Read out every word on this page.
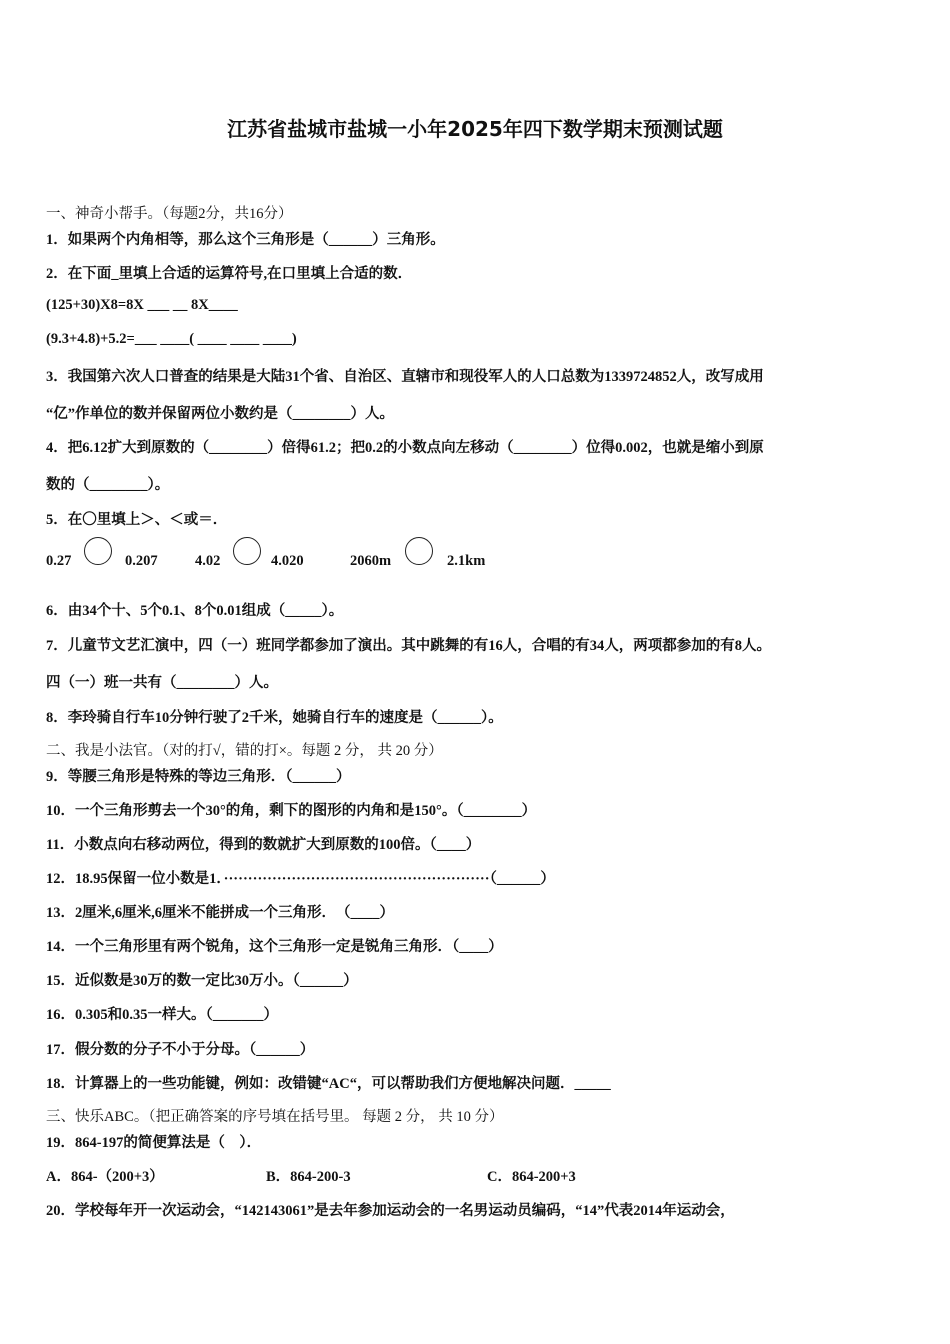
江苏省盐城市盐城一小年2025年四下数学期末预测试题
一、神奇小帮手。（每题2分，共16分）
1．如果两个内角相等，那么这个三角形是（______）三角形。
2．在下面_里填上合适的运算符号,在口里填上合适的数．
(125+30)X8=8X ___ __ 8X____
(9.3+4.8)+5.2=___ ____( ____ ____ ____)
3．我国第六次人口普查的结果是大陆31个省、自治区、直辖市和现役军人的人口总数为1339724852人，改写成用
“亿”作单位的数并保留两位小数约是（________）人。
4．把6.12扩大到原数的（________）倍得61.2；把0.2的小数点向左移动（________）位得0.002，也就是缩小到原
数的（________）。
5．在〇里填上＞、＜或＝．
0.27	0.207	4.02	4.020	2060m	2.1km
6．由34个十、5个0.1、8个0.01组成（_____）。
7．儿童节文艺汇演中，四（一）班同学都参加了演出。其中跳舞的有16人，合唱的有34人，两项都参加的有8人。
四（一）班一共有（________）人。
8．李玲骑自行车10分钟行驶了2千米，她骑自行车的速度是（______）。
二、我是小法官。（对的打√，错的打×。每题 2 分， 共 20 分）
9．等腰三角形是特殊的等边三角形．（______）
10．一个三角形剪去一个30°的角，剩下的图形的内角和是150°。（________）
11．小数点向右移动两位，得到的数就扩大到原数的100倍。（____）
12．18.95保留一位小数是1．·······················································（______）
13．2厘米,6厘米,6厘米不能拼成一个三角形．　（____）
14．一个三角形里有两个锐角，这个三角形一定是锐角三角形．（____）
15．近似数是30万的数一定比30万小。（______）
16．0.305和0.35一样大。（_______）
17．假分数的分子不小于分母。（______）
18．计算器上的一些功能键，例如：改错键“AC“，可以帮助我们方便地解决问题．_____
三、快乐ABC。（把正确答案的序号填在括号里。 每题 2 分， 共 10 分）
19．864-197的简便算法是（　）．
A．864-（200+3）	B．864-200-3	C．864-200+3
20．学校每年开一次运动会，“142143061”是去年参加运动会的一名男运动员编码，“14”代表2014年运动会，
